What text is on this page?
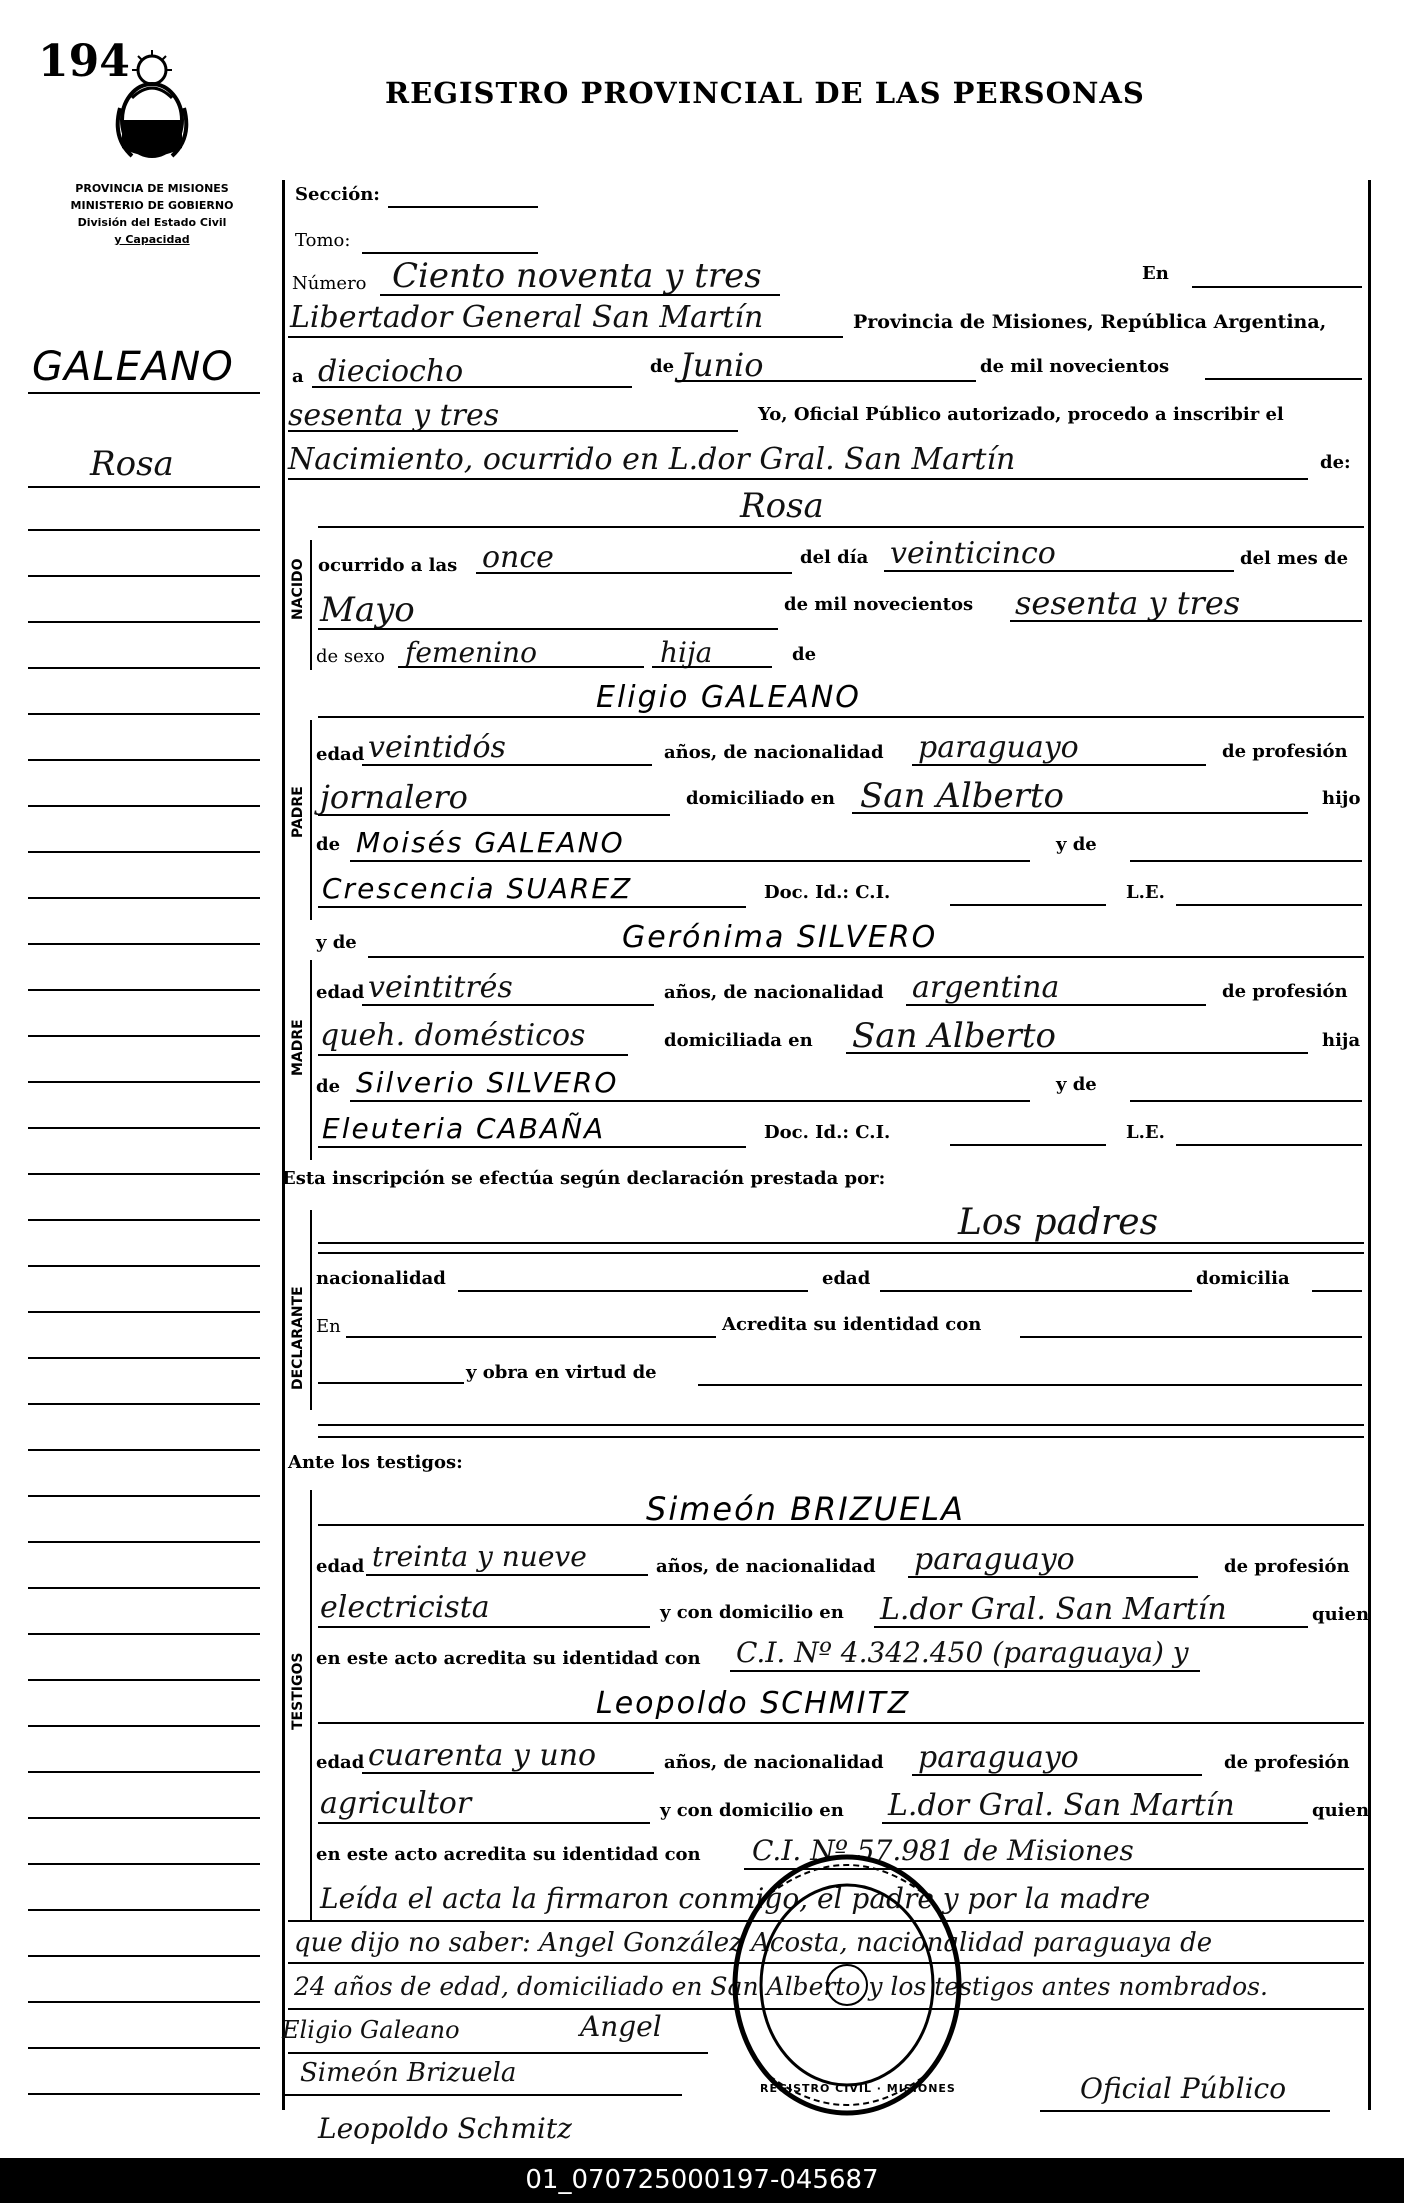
194
REGISTRO PROVINCIAL DE LAS PERSONAS
PROVINCIA DE MISIONES
MINISTERIO DE GOBIERNO
División del Estado Civil
y Capacidad
GALEANO
Rosa
Sección:
Tomo:
Número Ciento noventa y tres	En
Libertador General San Martín	Provincia de Misiones, República Argentina,
a dieciocho	de Junio	de mil novecientos
sesenta y tres	Yo, Oficial Público autorizado, procedo a inscribir el
Nacimiento, ocurrido en L.dor Gral. San Martín	de:
NACIDO
Rosa
ocurrido a las once	del día veinticinco	del mes de
Mayo	de mil novecientos sesenta y tres
de sexo femenino	hija	de
PADRE
Eligio GALEANO
edad veintidós	años, de nacionalidad paraguayo	de profesión
jornalero	domiciliado en San Alberto	hijo
de Moisés GALEANO	y de
Crescencia SUAREZ	Doc. Id.: C.I.	L.E.
MADRE
y de	Gerónima SILVERO
edad veintitrés	años, de nacionalidad argentina	de profesión
queh. domésticos	domiciliada en San Alberto	hija
de Silverio SILVERO	y de
Eleuteria CABAÑA	Doc. Id.: C.I.	L.E.
Esta inscripción se efectúa según declaración prestada por:
DECLARANTE
Los padres
nacionalidad	edad	domicilia
En	Acredita su identidad con
y obra en virtud de
Ante los testigos:
TESTIGOS
Simeón BRIZUELA
edad treinta y nueve	años, de nacionalidad paraguayo	de profesión
electricista	y con domicilio en L.dor Gral. San Martín	quien
en este acto acredita su identidad con C.I. Nº 4.342.450 (paraguaya) y
Leopoldo SCHMITZ
edad cuarenta y uno	años, de nacionalidad paraguayo	de profesión
agricultor	y con domicilio en L.dor Gral. San Martín	quien
en este acto acredita su identidad con C.I. Nº 57.981 de Misiones
Leída el acta la firmaron conmigo, el padre y por la madre
que dijo no saber: Angel González Acosta, nacionalidad paraguaya de
24 años de edad, domiciliado en San Alberto y los testigos antes nombrados.
Eligio Galeano	Angel
Simeón Brizuela
Leopoldo Schmitz
Oficial Público
REGISTRO CIVIL · MISIONES
01_070725000197-045687
